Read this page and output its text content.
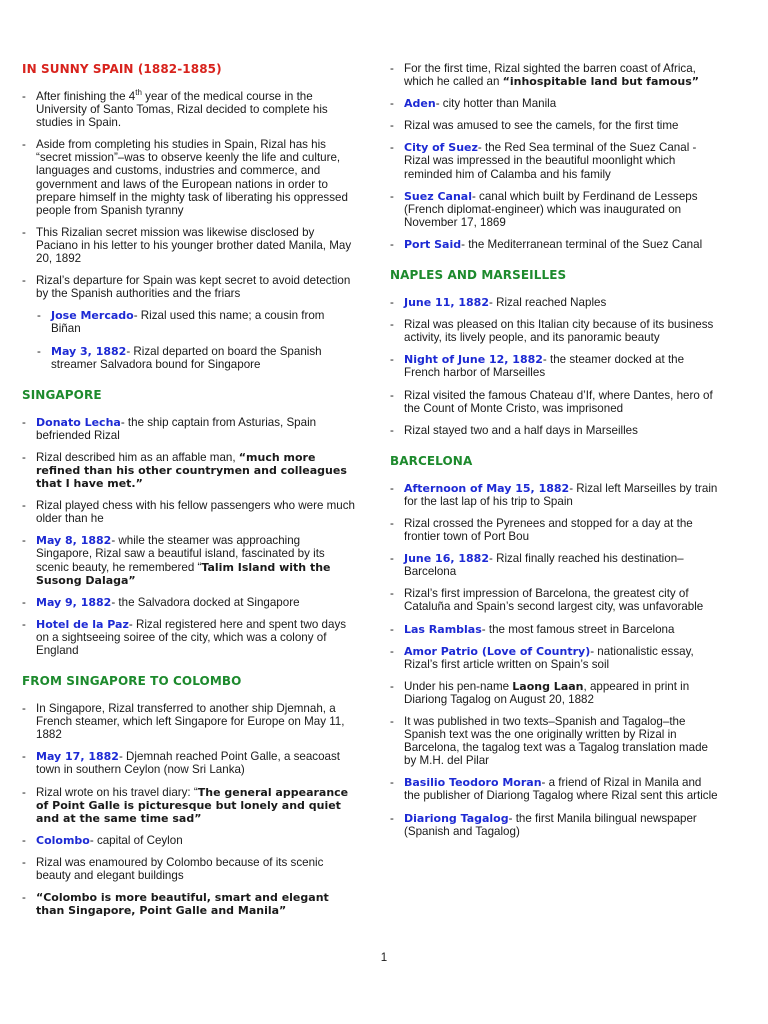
IN SUNNY SPAIN (1882-1885)
- After finishing the 4th year of the medical course in the University of Santo Tomas, Rizal decided to complete his studies in Spain.
- Aside from completing his studies in Spain, Rizal has his “secret mission”–was to observe keenly the life and culture, languages and customs, industries and commerce, and government and laws of the European nations in order to prepare himself in the mighty task of liberating his oppressed people from Spanish tyranny
- This Rizalian secret mission was likewise disclosed by Paciano in his letter to his younger brother dated Manila, May 20, 1892
- Rizal’s departure for Spain was kept secret to avoid detection by the Spanish authorities and the friars
- Jose Mercado- Rizal used this name; a cousin from Biñan
- May 3, 1882- Rizal departed on board the Spanish streamer Salvadora bound for Singapore
SINGAPORE
- Donato Lecha- the ship captain from Asturias, Spain befriended Rizal
- Rizal described him as an affable man, “much more refined than his other countrymen and colleagues that I have met.”
- Rizal played chess with his fellow passengers who were much older than he
- May 8, 1882- while the steamer was approaching Singapore, Rizal saw a beautiful island, fascinated by its scenic beauty, he remembered “Talim Island with the Susong Dalaga”
- May 9, 1882- the Salvadora docked at Singapore
- Hotel de la Paz- Rizal registered here and spent two days on a sightseeing soiree of the city, which was a colony of England
FROM SINGAPORE TO COLOMBO
- In Singapore, Rizal transferred to another ship Djemnah, a French steamer, which left Singapore for Europe on May 11, 1882
- May 17, 1882- Djemnah reached Point Galle, a seacoast town in southern Ceylon (now Sri Lanka)
- Rizal wrote on his travel diary: “The general appearance of Point Galle is picturesque but lonely and quiet and at the same time sad”
- Colombo- capital of Ceylon
- Rizal was enamoured by Colombo because of its scenic beauty and elegant buildings
- “Colombo is more beautiful, smart and elegant than Singapore, Point Galle and Manila”
- For the first time, Rizal sighted the barren coast of Africa, which he called an “inhospitable land but famous”
- Aden- city hotter than Manila
- Rizal was amused to see the camels, for the first time
- City of Suez- the Red Sea terminal of the Suez Canal -Rizal was impressed in the beautiful moonlight which reminded him of Calamba and his family
- Suez Canal- canal which built by Ferdinand de Lesseps (French diplomat-engineer) which was inaugurated on November 17, 1869
- Port Said- the Mediterranean terminal of the Suez Canal
NAPLES AND MARSEILLES
- June 11, 1882- Rizal reached Naples
- Rizal was pleased on this Italian city because of its business activity, its lively people, and its panoramic beauty
- Night of June 12, 1882- the steamer docked at the French harbor of Marseilles
- Rizal visited the famous Chateau d’If, where Dantes, hero of the Count of Monte Cristo, was imprisoned
- Rizal stayed two and a half days in Marseilles
BARCELONA
- Afternoon of May 15, 1882- Rizal left Marseilles by train for the last lap of his trip to Spain
- Rizal crossed the Pyrenees and stopped for a day at the frontier town of Port Bou
- June 16, 1882- Rizal finally reached his destination–Barcelona
- Rizal’s first impression of Barcelona, the greatest city of Cataluña and Spain’s second largest city, was unfavorable
- Las Ramblas- the most famous street in Barcelona
- Amor Patrio (Love of Country)- nationalistic essay, Rizal’s first article written on Spain’s soil
- Under his pen-name Laong Laan, appeared in print in Diariong Tagalog on August 20, 1882
- It was published in two texts–Spanish and Tagalog–the Spanish text was the one originally written by Rizal in Barcelona, the tagalog text was a Tagalog translation made by M.H. del Pilar
- Basilio Teodoro Moran- a friend of Rizal in Manila and the publisher of Diariong Tagalog where Rizal sent this article
- Diariong Tagalog- the first Manila bilingual newspaper (Spanish and Tagalog)
1
